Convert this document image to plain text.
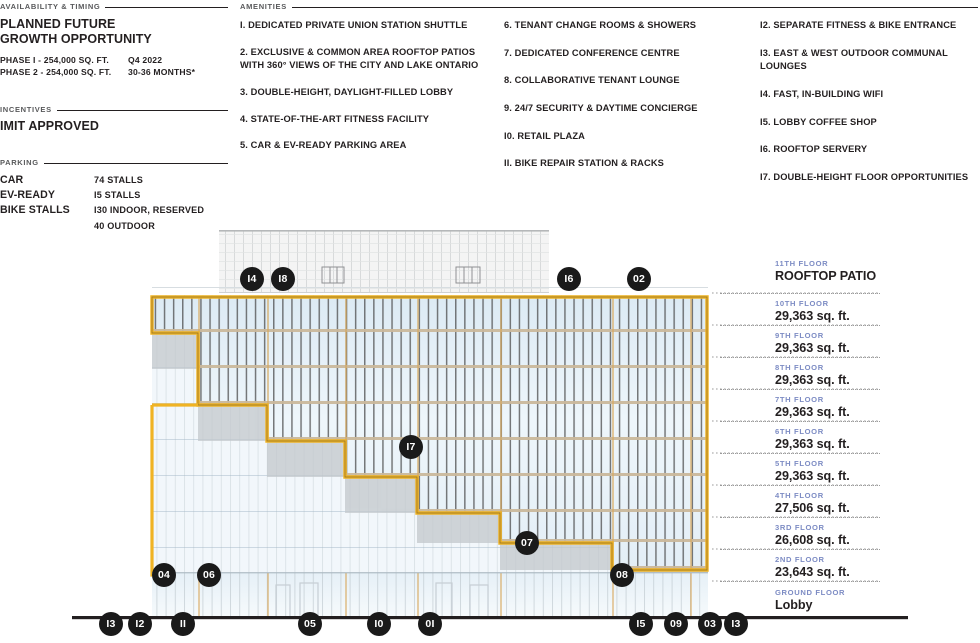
AVAILABILITY & TIMING
PLANNED FUTURE
GROWTH OPPORTUNITY
PHASE I - 254,000 SQ. FT.	Q4 2022
PHASE 2 - 254,000 SQ. FT.	30-36 MONTHS*
INCENTIVES
IMIT APPROVED
PARKING
CAR	74 STALLS
EV-READY	I5 STALLS
BIKE STALLS	I30 INDOOR, RESERVED
40 OUTDOOR
AMENITIES
I. DEDICATED PRIVATE UNION STATION SHUTTLE
2. EXCLUSIVE & COMMON AREA ROOFTOP PATIOS WITH 360° VIEWS OF THE CITY AND LAKE ONTARIO
3. DOUBLE-HEIGHT, DAYLIGHT-FILLED LOBBY
4. STATE-OF-THE-ART FITNESS FACILITY
5. CAR & EV-READY PARKING AREA
6. TENANT CHANGE ROOMS & SHOWERS
7. DEDICATED CONFERENCE CENTRE
8. COLLABORATIVE TENANT LOUNGE
9. 24/7 SECURITY & DAYTIME CONCIERGE
I0. RETAIL PLAZA
II. BIKE REPAIR STATION & RACKS
I2. SEPARATE FITNESS & BIKE ENTRANCE
I3. EAST & WEST OUTDOOR COMMUNAL LOUNGES
I4. FAST, IN-BUILDING WIFI
I5. LOBBY COFFEE SHOP
I6. ROOFTOP SERVERY
I7. DOUBLE-HEIGHT FLOOR OPPORTUNITIES
I4 I8	I6	02
I7
07
04	06	08
I3 I2	II	05	I0	0I	I5 09 03 I3
11TH FLOOR
ROOFTOP PATIO
10TH FLOOR
29,363 sq. ft.
9TH FLOOR
29,363 sq. ft.
8TH FLOOR
29,363 sq. ft.
7TH FLOOR
29,363 sq. ft.
6TH FLOOR
29,363 sq. ft.
5TH FLOOR
29,363 sq. ft.
4TH FLOOR
27,506 sq. ft.
3RD FLOOR
26,608 sq. ft.
2ND FLOOR
23,643 sq. ft.
GROUND FLOOR
Lobby
